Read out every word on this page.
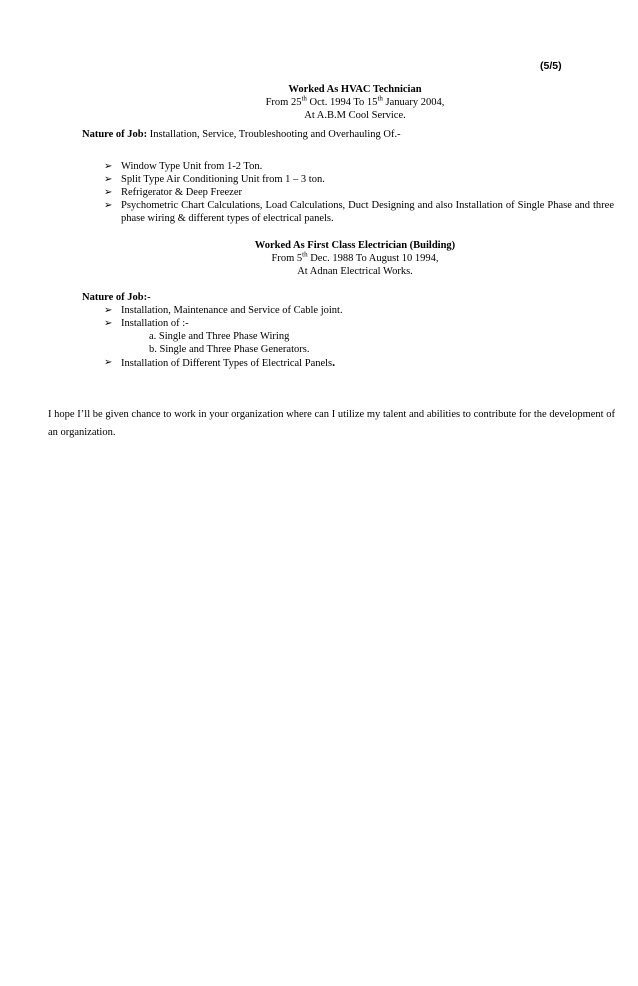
(5/5)
Worked As HVAC Technician
From 25th Oct. 1994 To 15th January 2004,
At A.B.M Cool Service.
Nature of Job: Installation, Service, Troubleshooting and Overhauling Of.-
➢ Window Type Unit from 1-2 Ton.
➢ Split Type Air Conditioning Unit from 1 – 3 ton.
➢ Refrigerator & Deep Freezer
➢ Psychometric Chart Calculations, Load Calculations, Duct Designing and also Installation of Single Phase and three phase wiring & different types of electrical panels.
Worked As First Class Electrician (Building)
From 5th Dec. 1988 To August 10 1994,
At Adnan Electrical Works.
Nature of Job:-
➢ Installation, Maintenance and Service of Cable joint.
➢ Installation of :-
a. Single and Three Phase Wiring
b. Single and Three Phase Generators.
➢ Installation of Different Types of Electrical Panels.
I hope I’ll be given chance to work in your organization where can I utilize my talent and abilities to contribute for the development of an organization.
